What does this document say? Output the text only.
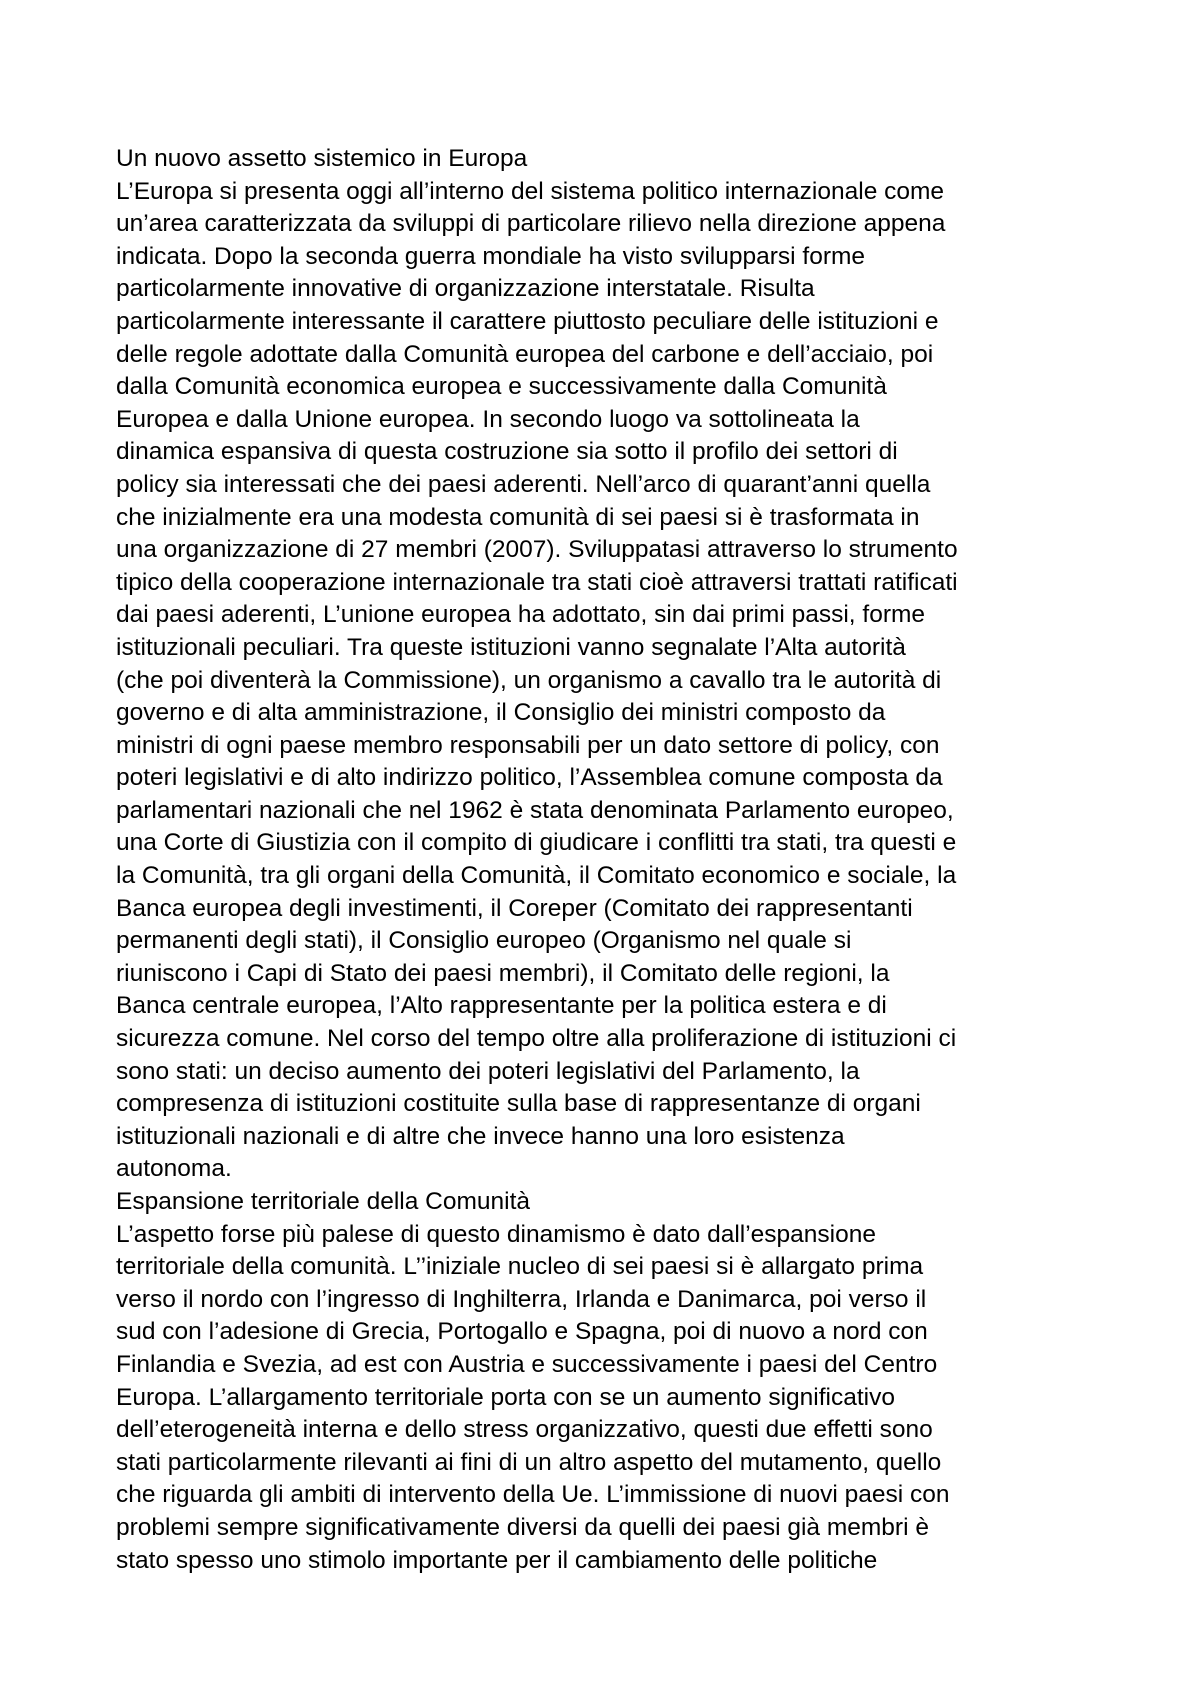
Un nuovo assetto sistemico in Europa
L’Europa si presenta oggi all’interno del sistema politico internazionale come
un’area caratterizzata da sviluppi di particolare rilievo nella direzione appena
indicata. Dopo la seconda guerra mondiale ha visto svilupparsi forme
particolarmente innovative di organizzazione interstatale. Risulta
particolarmente interessante il carattere piuttosto peculiare delle istituzioni e
delle regole adottate dalla Comunità europea del carbone e dell’acciaio, poi
dalla Comunità economica europea e successivamente dalla Comunità
Europea e dalla Unione europea. In secondo luogo va sottolineata la
dinamica espansiva di questa costruzione sia sotto il profilo dei settori di
policy sia interessati che dei paesi aderenti. Nell’arco di quarant’anni quella
che inizialmente era una modesta comunità di sei paesi si è trasformata in
una organizzazione di 27 membri (2007). Sviluppatasi attraverso lo strumento
tipico della cooperazione internazionale tra stati cioè attraversi trattati ratificati
dai paesi aderenti, L’unione europea ha adottato, sin dai primi passi, forme
istituzionali peculiari. Tra queste istituzioni vanno segnalate l’Alta autorità
(che poi diventerà la Commissione), un organismo a cavallo tra le autorità di
governo e di alta amministrazione, il Consiglio dei ministri composto da
ministri di ogni paese membro responsabili per un dato settore di policy, con
poteri legislativi e di alto indirizzo politico, l’Assemblea comune composta da
parlamentari nazionali che nel 1962 è stata denominata Parlamento europeo,
una Corte di Giustizia con il compito di giudicare i conflitti tra stati, tra questi e
la Comunità, tra gli organi della Comunità, il Comitato economico e sociale, la
Banca europea degli investimenti, il Coreper (Comitato dei rappresentanti
permanenti degli stati), il Consiglio europeo (Organismo nel quale si
riuniscono i Capi di Stato dei paesi membri), il Comitato delle regioni, la
Banca centrale europea, l’Alto rappresentante per la politica estera e di
sicurezza comune. Nel corso del tempo oltre alla proliferazione di istituzioni ci
sono stati: un deciso aumento dei poteri legislativi del Parlamento, la
compresenza di istituzioni costituite sulla base di rappresentanze di organi
istituzionali nazionali e di altre che invece hanno una loro esistenza
autonoma.
Espansione territoriale della Comunità
L’aspetto forse più palese di questo dinamismo è dato dall’espansione
territoriale della comunità. L’’iniziale nucleo di sei paesi si è allargato prima
verso il nordo con l’ingresso di Inghilterra, Irlanda e Danimarca, poi verso il
sud con l’adesione di Grecia, Portogallo e Spagna, poi di nuovo a nord con
Finlandia e Svezia, ad est con Austria e successivamente i paesi del Centro
Europa. L’allargamento territoriale porta con se un aumento significativo
dell’eterogeneità interna e dello stress organizzativo, questi due effetti sono
stati particolarmente rilevanti ai fini di un altro aspetto del mutamento, quello
che riguarda gli ambiti di intervento della Ue. L’immissione di nuovi paesi con
problemi sempre significativamente diversi da quelli dei paesi già membri è
stato spesso uno stimolo importante per il cambiamento delle politiche
